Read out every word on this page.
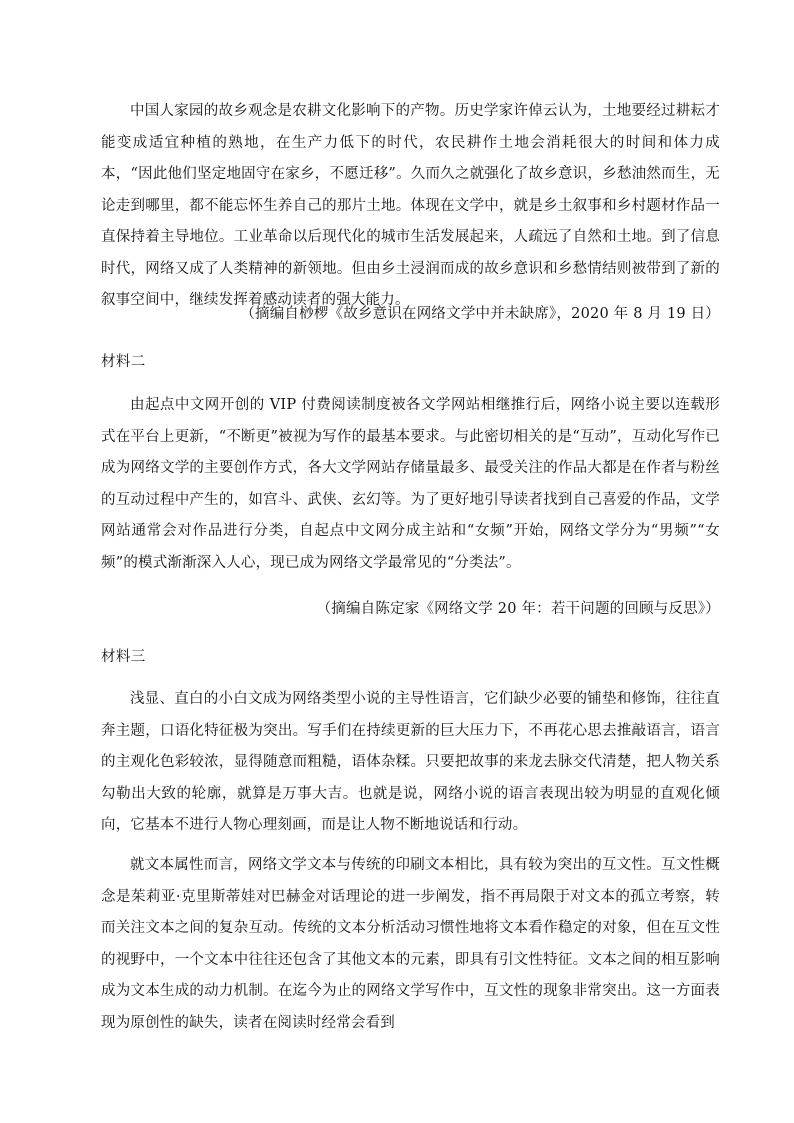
中国人家园的故乡观念是农耕文化影响下的产物。历史学家许倬云认为，土地要经过耕耘才能变成适宜种植的熟地，在生产力低下的时代，农民耕作土地会消耗很大的时间和体力成本，“因此他们坚定地固守在家乡，不愿迁移”。久而久之就强化了故乡意识，乡愁油然而生，无论走到哪里，都不能忘怀生养自己的那片土地。体现在文学中，就是乡土叙事和乡村题材作品一直保持着主导地位。工业革命以后现代化的城市生活发展起来，人疏远了自然和土地。到了信息时代，网络又成了人类精神的新领地。但由乡土浸润而成的故乡意识和乡愁情结则被带到了新的叙事空间中，继续发挥着感动读者的强大能力。

（摘编自桫椤《故乡意识在网络文学中并未缺席》，2020 年 8 月 19 日）

材料二

由起点中文网开创的 VIP 付费阅读制度被各文学网站相继推行后，网络小说主要以连载形式在平台上更新，“不断更”被视为写作的最基本要求。与此密切相关的是“互动”，互动化写作已成为网络文学的主要创作方式，各大文学网站存储量最多、最受关注的作品大都是在作者与粉丝的互动过程中产生的，如宫斗、武侠、玄幻等。为了更好地引导读者找到自己喜爱的作品，文学网站通常会对作品进行分类，自起点中文网分成主站和“女频”开始，网络文学分为“男频”“女频”的模式渐渐深入人心，现已成为网络文学最常见的“分类法”。

（摘编自陈定家《网络文学 20 年：若干问题的回顾与反思》）

材料三

浅显、直白的小白文成为网络类型小说的主导性语言，它们缺少必要的铺垫和修饰，往往直奔主题，口语化特征极为突出。写手们在持续更新的巨大压力下，不再花心思去推敲语言，语言的主观化色彩较浓，显得随意而粗糙，语体杂糅。只要把故事的来龙去脉交代清楚，把人物关系勾勒出大致的轮廓，就算是万事大吉。也就是说，网络小说的语言表现出较为明显的直观化倾向，它基本不进行人物心理刻画，而是让人物不断地说话和行动。

就文本属性而言，网络文学文本与传统的印刷文本相比，具有较为突出的互文性。互文性概念是茱莉亚·克里斯蒂娃对巴赫金对话理论的进一步阐发，指不再局限于对文本的孤立考察，转而关注文本之间的复杂互动。传统的文本分析活动习惯性地将文本看作稳定的对象，但在互文性的视野中，一个文本中往往还包含了其他文本的元素，即具有引文性特征。文本之间的相互影响成为文本生成的动力机制。在迄今为止的网络文学写作中，互文性的现象非常突出。这一方面表现为原创性的缺失，读者在阅读时经常会看到
